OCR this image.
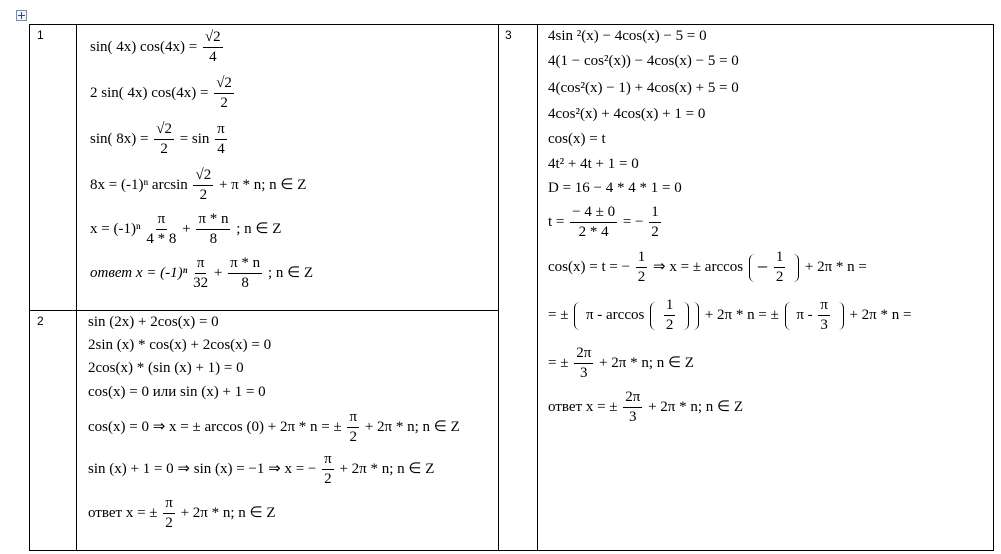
1
2
3
sin( 4x) $\cos(4x) = \frac{√2}{4}$
2 sin( 4x) $\cos(4x) = \frac{√2}{2}$
sin( $8x) = \frac{√2}{2} = \sin \frac{\pi}{4}$
8x = (-1)ⁿ $\arcsin \frac{√2}{2} + \pi * n$; n ∈ Z
$x = (-1)^n \frac{\pi}{4 * 8} + \frac{\pi * n}{8}$ ; n ∈ Z
ответ $x = (-1)^n \frac{\pi}{32} + \frac{\pi * n}{8}$ ; n ∈ Z
sin (2x) + 2cos(x) = 0
2sin (x) * cos(x) + 2cos(x) = 0
2cos(x) * (sin (x) + 1) = 0
cos(x) = 0 или sin (x) + 1 = 0
cos(x) = 0 ⇒ x = ± arccos (0) + 2π * n = ± $\frac{\pi}{2} + 2\pi * n$; n ∈ Z
sin (x) + 1 = 0 ⇒ sin (x) = −1 ⇒ x = − $\frac{\pi}{2} + 2\pi * n$; n ∈ Z
ответ x = ± $\frac{\pi}{2} + 2\pi * n$; n ∈ Z
4sin ²(x) − 4cos(x) − 5 = 0
4(1 − cos²(x)) − 4cos(x) − 5 = 0
4(cos²(x) − 1) + 4cos(x) + 5 = 0
4cos²(x) + 4cos(x) + 1 = 0
cos(x) = t
4t² + 4t + 1 = 0
D = 16 − 4 * 4 * 1 = 0
$t = \frac{- 4 \pm 0}{2 * 4}$ = − $\frac{1}{2}$
cos(x) = t = − $\frac{1}{2}$ ⇒ x = ± $\arccos - \frac{1}{2} + 2\pi * n$ =
= ± $\pi - \arccos \frac{1}{2} + 2\pi * n$ = ± $\pi - \frac{\pi}{3} + 2\pi * n$ =
= ± $\frac{2\pi}{3} + 2\pi * n$; n ∈ Z
ответ x = ± $\frac{2\pi}{3} + 2\pi * n$; n ∈ Z
